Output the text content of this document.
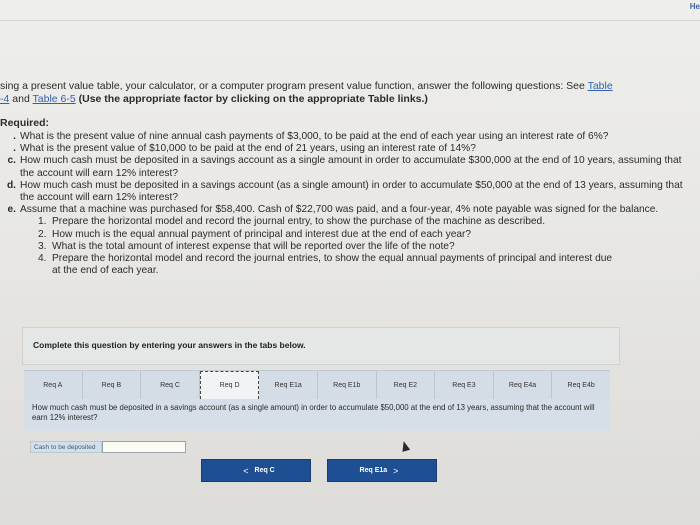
He
sing a present value table, your calculator, or a computer program present value function, answer the following questions: See Table
-4 and Table 6-5 (Use the appropriate factor by clicking on the appropriate Table links.)
Required:
. What is the present value of nine annual cash payments of $3,000, to be paid at the end of each year using an interest rate of 6%?
. What is the present value of $10,000 to be paid at the end of 21 years, using an interest rate of 14%?
c. How much cash must be deposited in a savings account as a single amount in order to accumulate $300,000 at the end of 10 years, assuming that the account will earn 12% interest?
d. How much cash must be deposited in a savings account (as a single amount) in order to accumulate $50,000 at the end of 13 years, assuming that the account will earn 12% interest?
e. Assume that a machine was purchased for $58,400. Cash of $22,700 was paid, and a four-year, 4% note payable was signed for the balance.
1. Prepare the horizontal model and record the journal entry, to show the purchase of the machine as described.
2. How much is the equal annual payment of principal and interest due at the end of each year?
3. What is the total amount of interest expense that will be reported over the life of the note?
4. Prepare the horizontal model and record the journal entries, to show the equal annual payments of principal and interest due
at the end of each year.
Complete this question by entering your answers in the tabs below.
Req A	Req B	Req C	Req D	Req E1a	Req E1b	Req E2	Req E3	Req E4a	Req E4b
How much cash must be deposited in a savings account (as a single amount) in order to accumulate $50,000 at the end of 13 years, assuming that the account will earn 12% interest?
Cash to be deposited
< Req C	Req E1a >
